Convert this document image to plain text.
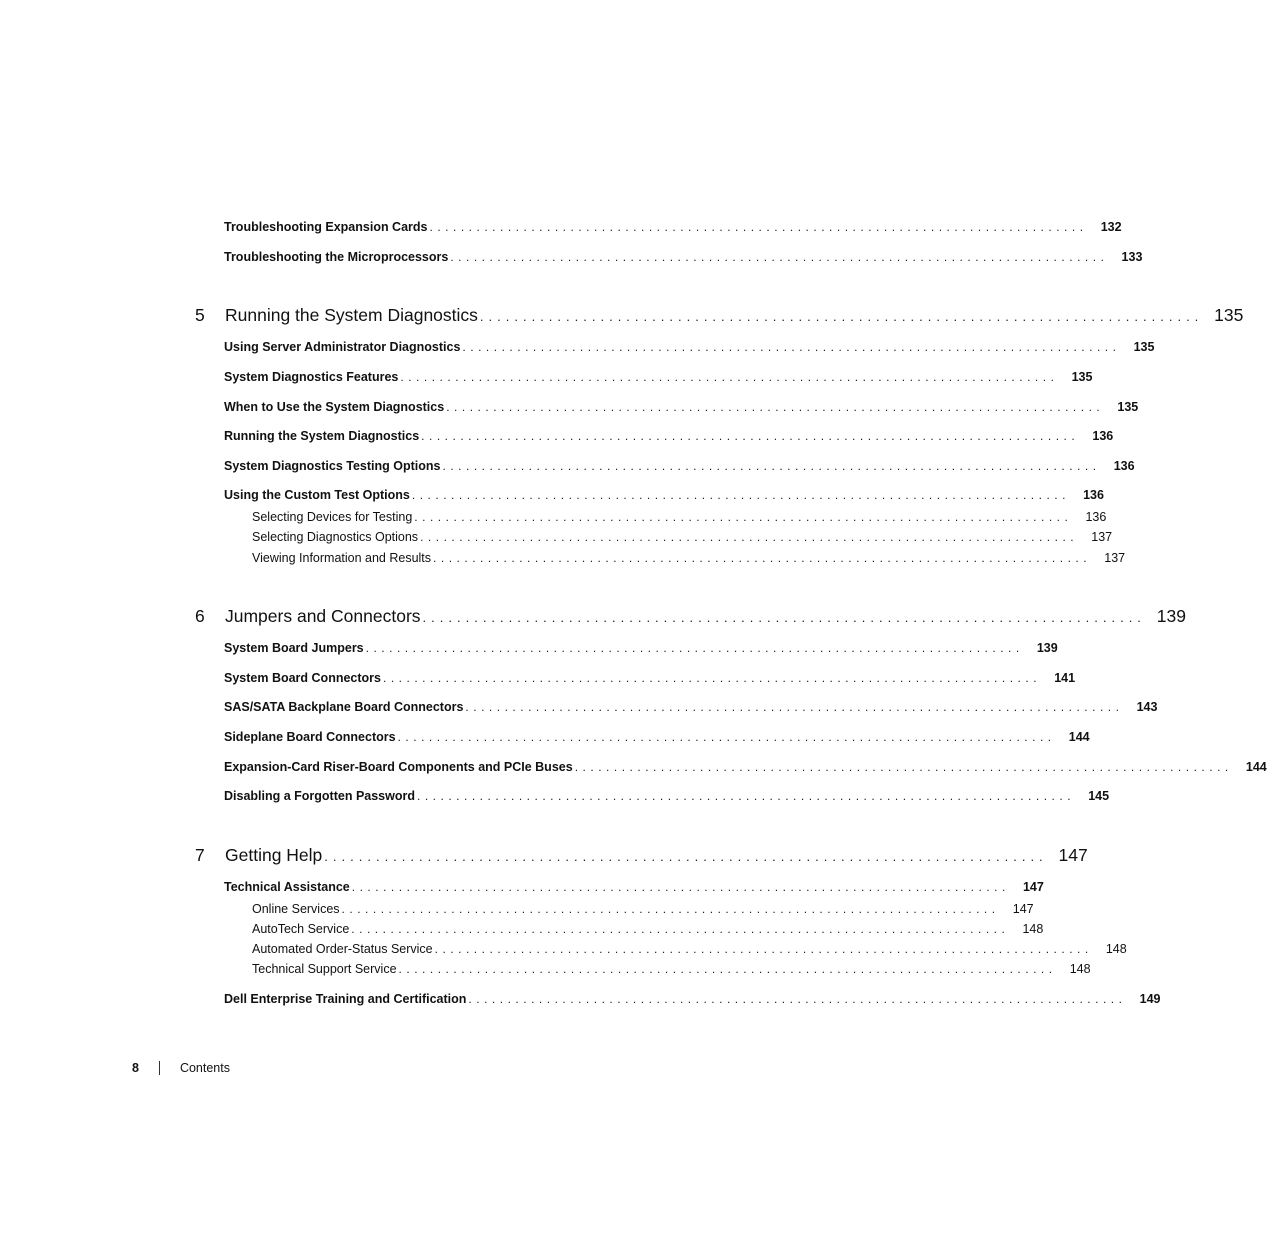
Troubleshooting Expansion Cards ....................................................................................	132
Troubleshooting the Microprocessors ....................................................................................	133
5	Running the System Diagnostics .................................................................................... 135
Using Server Administrator Diagnostics ....................................................................................	135
System Diagnostics Features ....................................................................................	135
When to Use the System Diagnostics ....................................................................................	135
Running the System Diagnostics ....................................................................................	136
System Diagnostics Testing Options ....................................................................................	136
Using the Custom Test Options ....................................................................................	136
Selecting Devices for Testing ....................................................................................	136
Selecting Diagnostics Options ....................................................................................	137
Viewing Information and Results ....................................................................................	137
6	Jumpers and Connectors .................................................................................... 139
System Board Jumpers ....................................................................................	139
System Board Connectors ....................................................................................	141
SAS/SATA Backplane Board Connectors ....................................................................................	143
Sideplane Board Connectors ....................................................................................	144
Expansion-Card Riser-Board Components and PCIe Buses ....................................................................................	144
Disabling a Forgotten Password ....................................................................................	145
7	Getting Help .................................................................................... 147
Technical Assistance ....................................................................................	147
Online Services ....................................................................................	147
AutoTech Service ....................................................................................	148
Automated Order-Status Service ....................................................................................	148
Technical Support Service ....................................................................................	148
Dell Enterprise Training and Certification ....................................................................................	149
8	Contents
